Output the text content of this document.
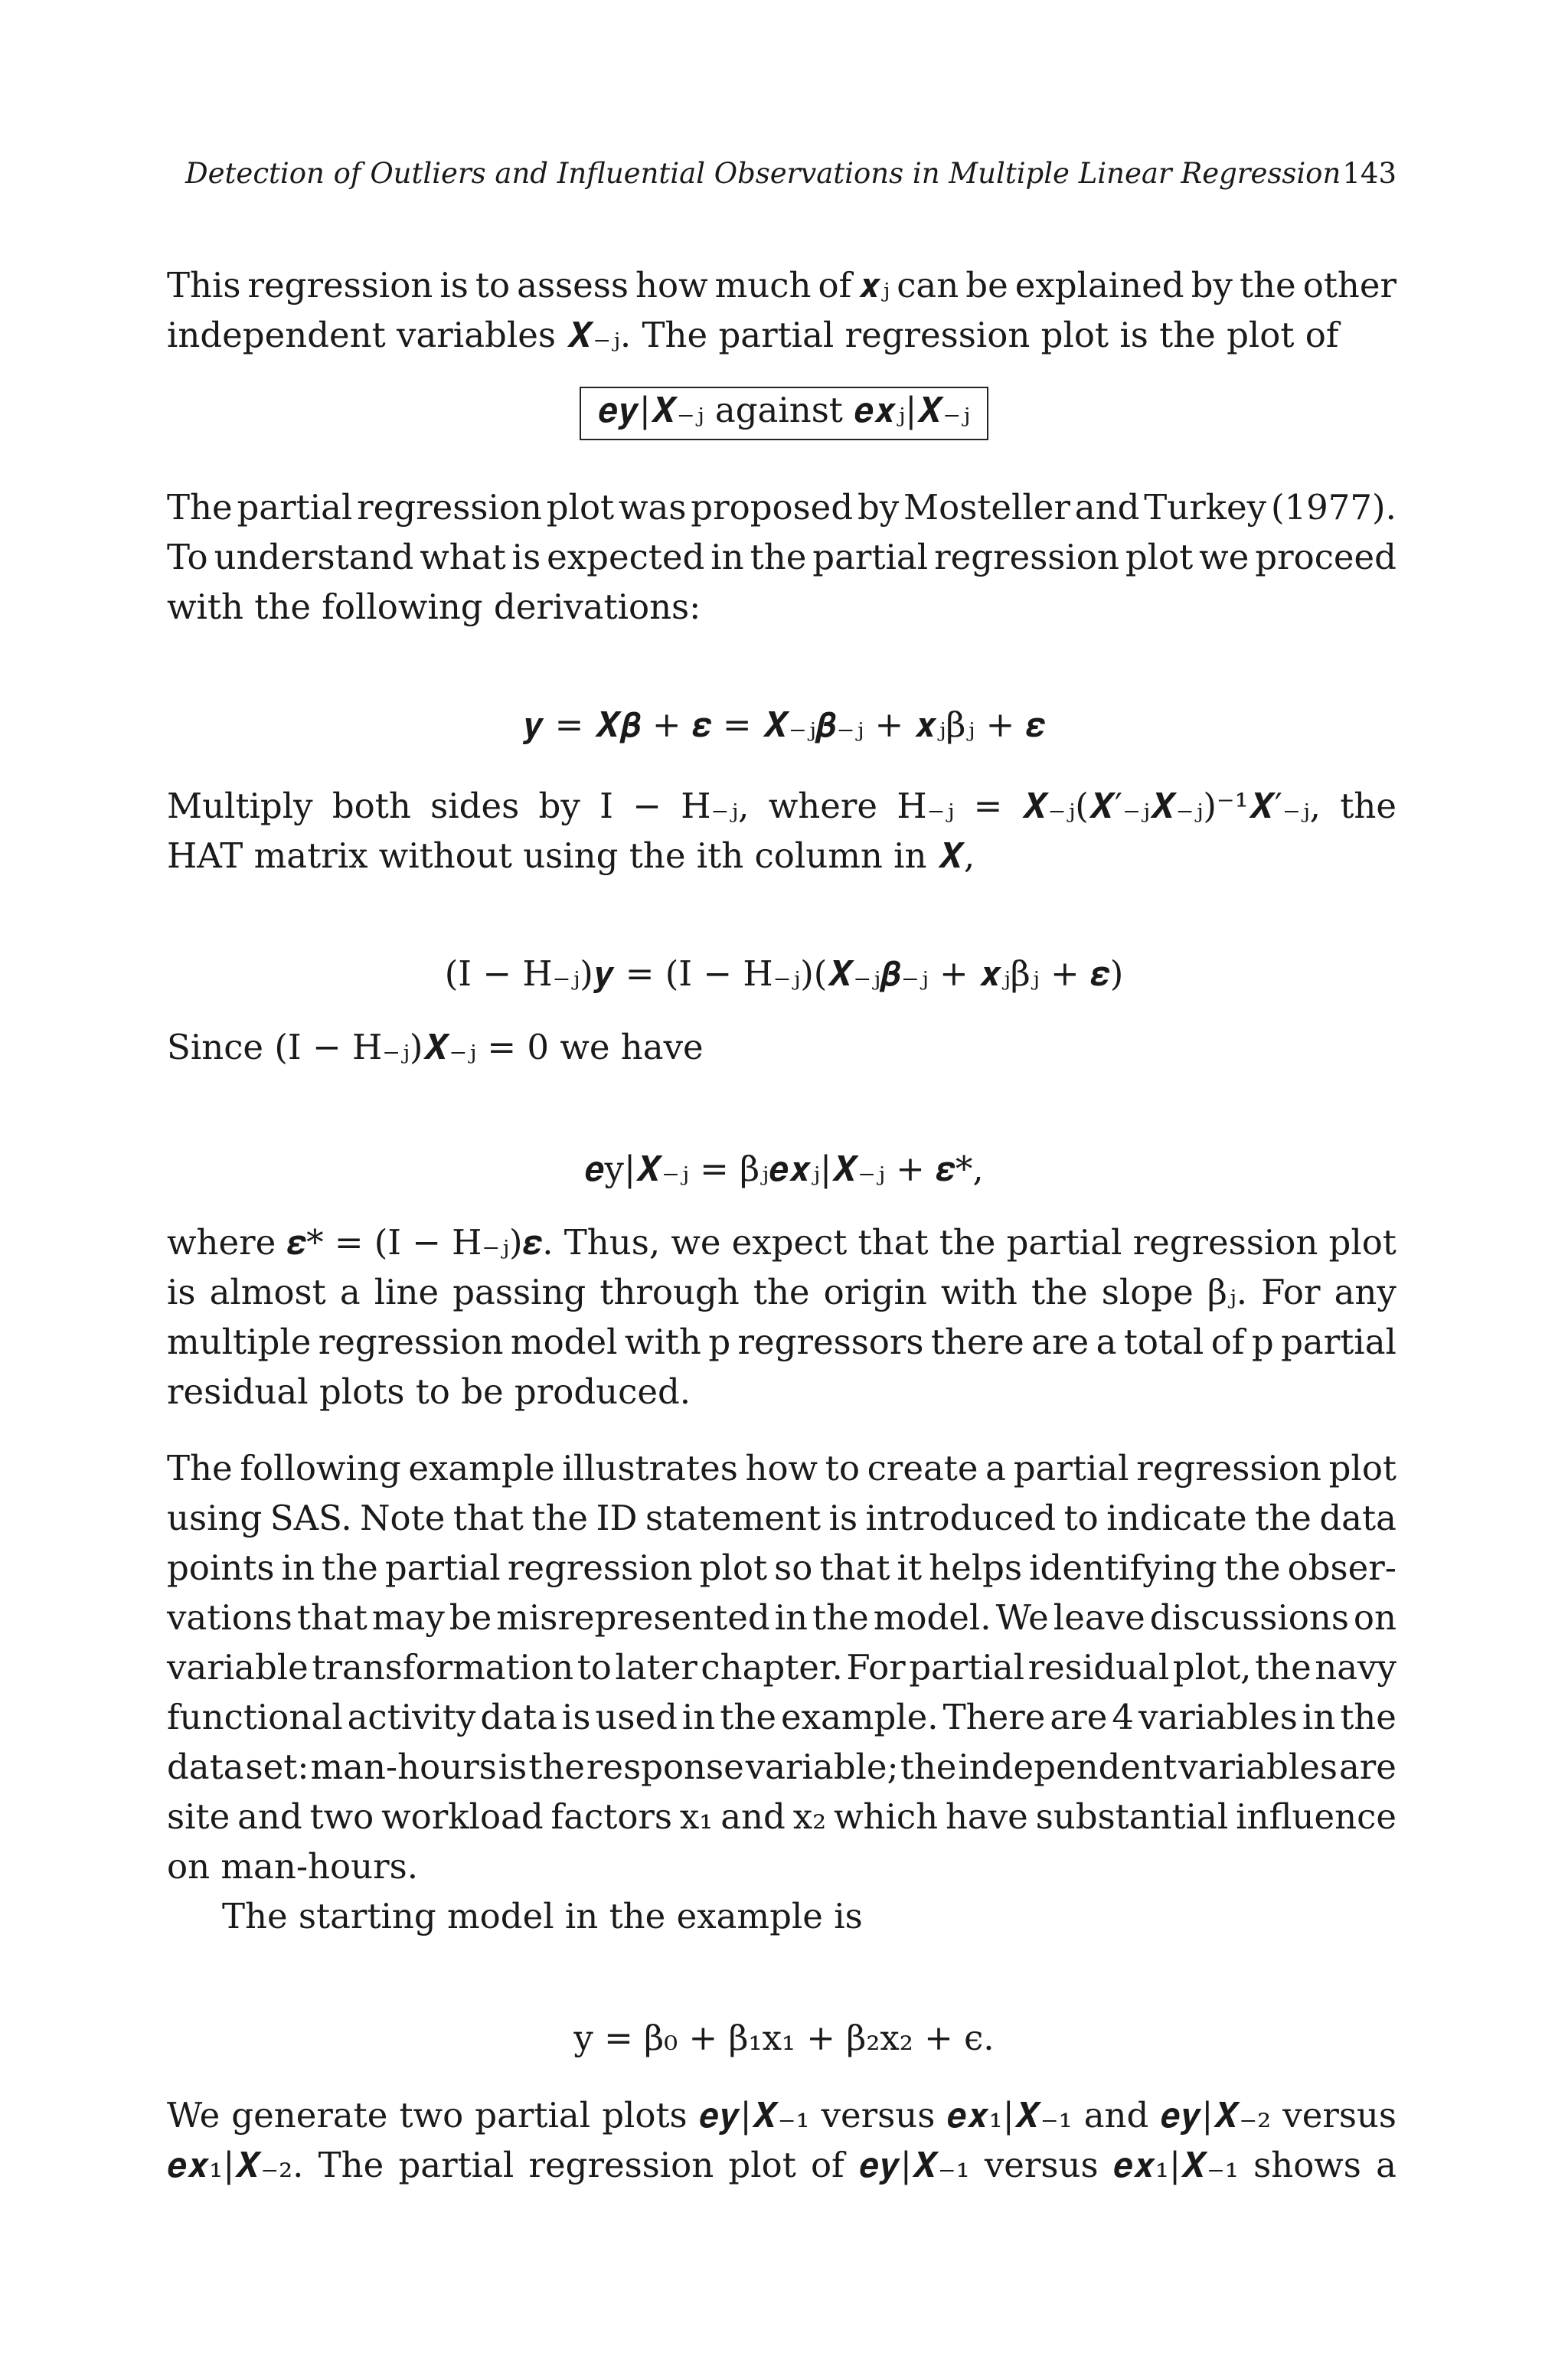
Detection of Outliers and Influential Observations in Multiple Linear Regression 143
This regression is to assess how much of 𝒙ⱼ can be explained by the other
independent variables 𝑿₋ⱼ. The partial regression plot is the plot of
𝒆𝒚|𝑿₋ⱼ against 𝒆𝒙ⱼ|𝑿₋ⱼ
The partial regression plot was proposed by Mosteller and Turkey (1977).
To understand what is expected in the partial regression plot we proceed
with the following derivations:
𝒚 = 𝑿𝜷 + 𝜺 = 𝑿₋ⱼ𝜷₋ⱼ + 𝒙ⱼβⱼ + 𝜺
Multiply both sides by I − H₋ⱼ, where H₋ⱼ = 𝑿₋ⱼ(𝑿′₋ⱼ𝑿₋ⱼ)⁻¹𝑿′₋ⱼ, the
HAT matrix without using the ith column in 𝑿,
(I − H₋ⱼ)𝒚 = (I − H₋ⱼ)(𝑿₋ⱼ𝜷₋ⱼ + 𝒙ⱼβⱼ + 𝜺)
Since (I − H₋ⱼ)𝑿₋ⱼ = 0 we have
𝒆y|𝑿₋ⱼ = βⱼ𝒆𝒙ⱼ|𝑿₋ⱼ + 𝜺*,
where 𝜺* = (I − H₋ⱼ)𝜺. Thus, we expect that the partial regression plot
is almost a line passing through the origin with the slope βⱼ. For any
multiple regression model with p regressors there are a total of p partial
residual plots to be produced.
The following example illustrates how to create a partial regression plot
using SAS. Note that the ID statement is introduced to indicate the data
points in the partial regression plot so that it helps identifying the obser-
vations that may be misrepresented in the model. We leave discussions on
variable transformation to later chapter. For partial residual plot, the navy
functional activity data is used in the example. There are 4 variables in the
data set: man-hours is the response variable; the independent variables are
site and two workload factors x₁ and x₂ which have substantial influence
on man-hours.
The starting model in the example is
y = β₀ + β₁x₁ + β₂x₂ + ϵ.
We generate two partial plots 𝒆𝒚|𝑿₋₁ versus 𝒆𝒙₁|𝑿₋₁ and 𝒆𝒚|𝑿₋₂ versus
𝒆𝒙₁|𝑿₋₂. The partial regression plot of 𝒆𝒚|𝑿₋₁ versus 𝒆𝒙₁|𝑿₋₁ shows a
